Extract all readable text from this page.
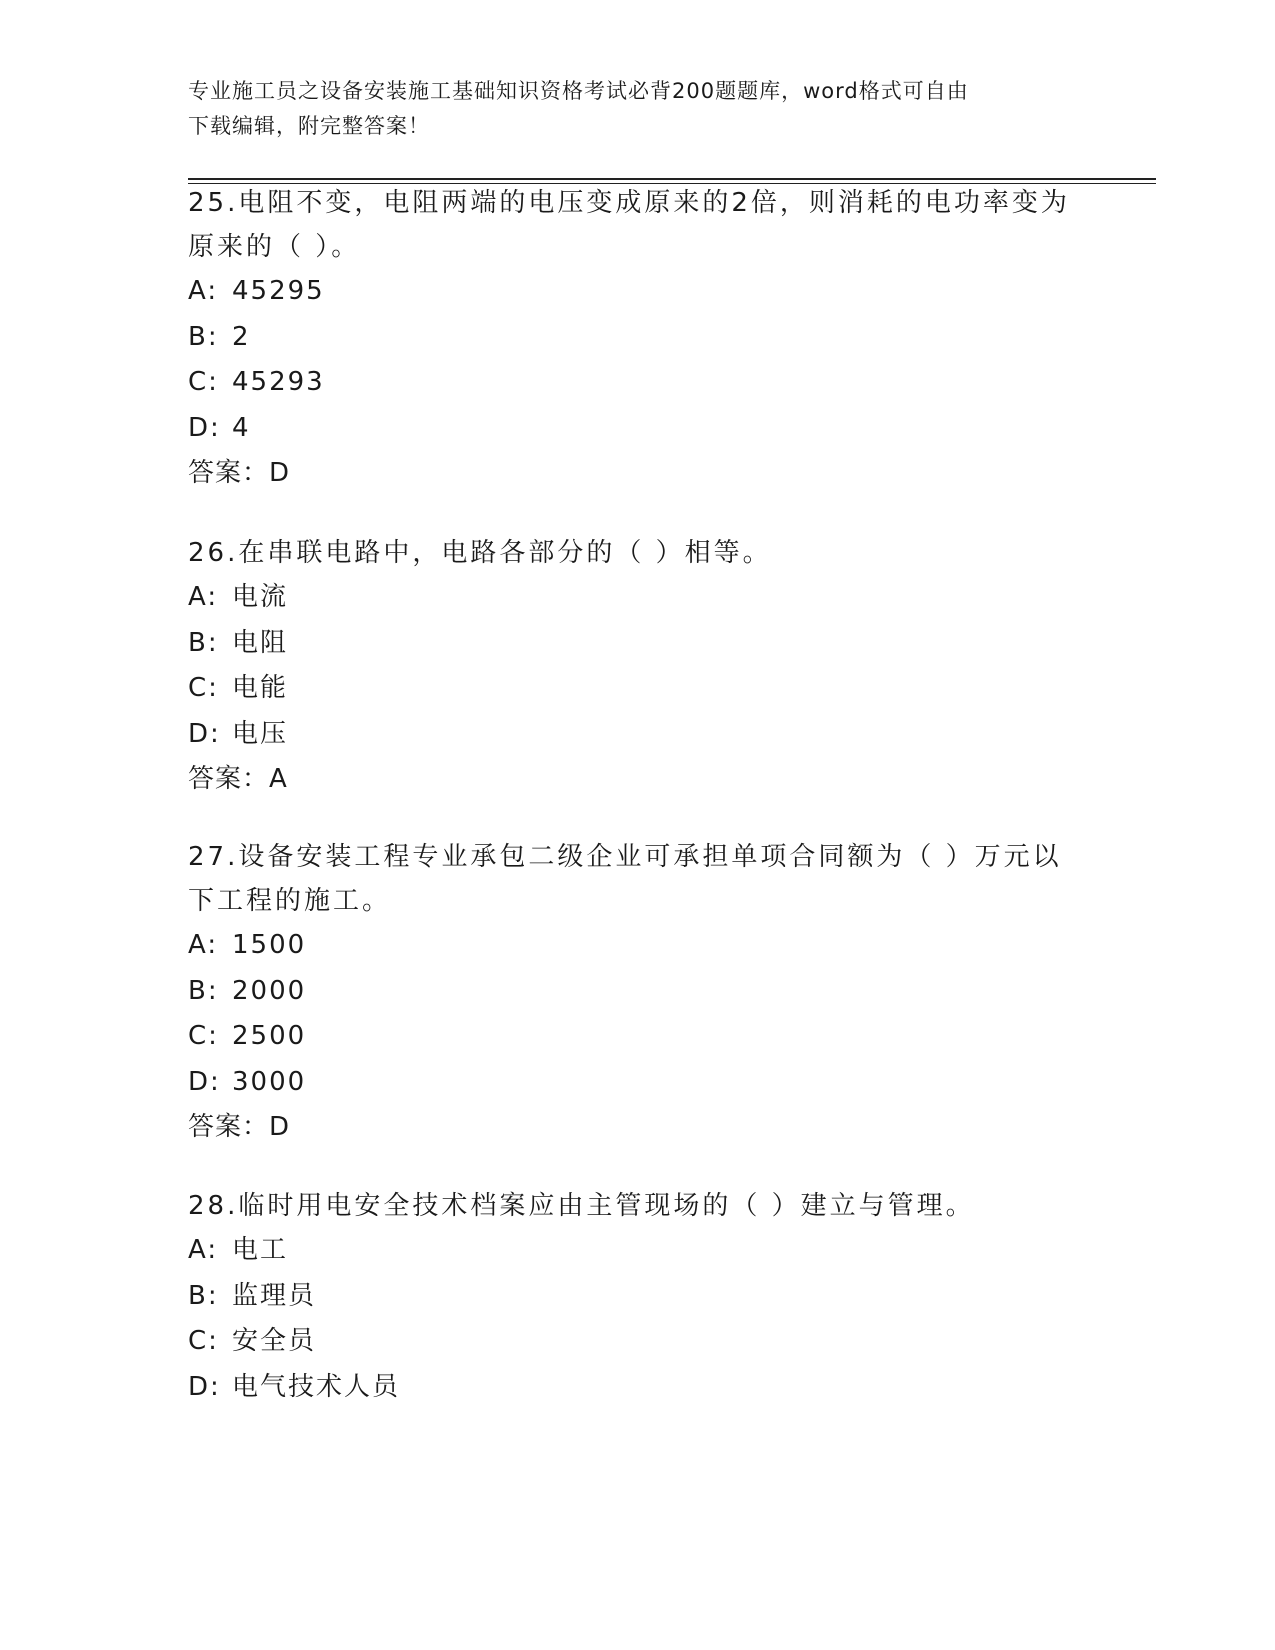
专业施工员之设备安装施工基础知识资格考试必背200题题库，word格式可自由
下载编辑，附完整答案！

25.电阻不变，电阻两端的电压变成原来的2倍，则消耗的电功率变为

原来的（ ）。

A: 45295

B: 2

C: 45293

D: 4

答案：D

26.在串联电路中，电路各部分的（ ）相等。

A: 电流

B: 电阻

C: 电能

D: 电压

答案：A

27.设备安装工程专业承包二级企业可承担单项合同额为（ ）万元以

下工程的施工。

A: 1500

B: 2000

C: 2500

D: 3000

答案：D

28.临时用电安全技术档案应由主管现场的（ ）建立与管理。

A: 电工

B: 监理员

C: 安全员

D: 电气技术人员
